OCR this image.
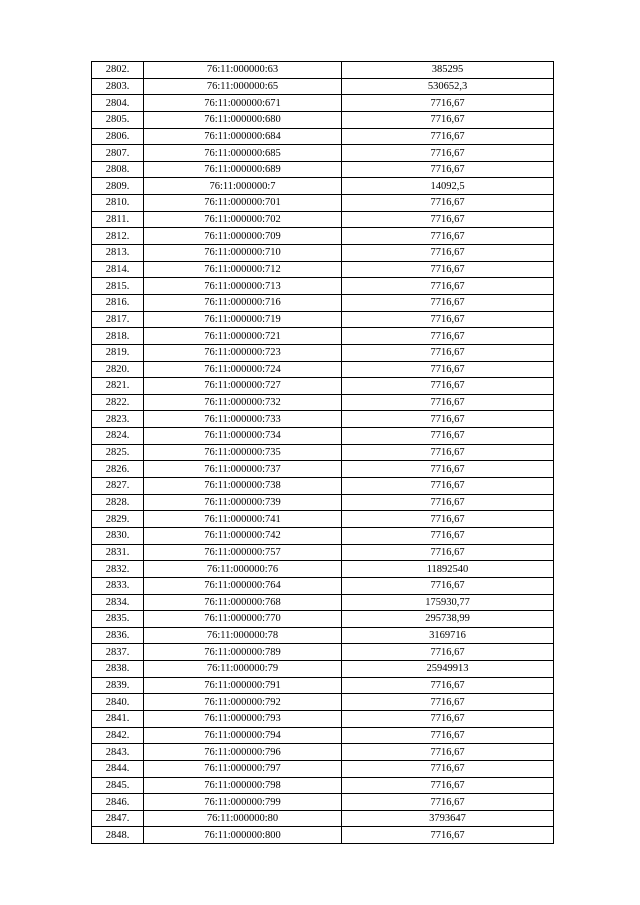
2802.	76:11:000000:63	385295
2803.	76:11:000000:65	530652,3
2804.	76:11:000000:671	7716,67
2805.	76:11:000000:680	7716,67
2806.	76:11:000000:684	7716,67
2807.	76:11:000000:685	7716,67
2808.	76:11:000000:689	7716,67
2809.	76:11:000000:7	14092,5
2810.	76:11:000000:701	7716,67
2811.	76:11:000000:702	7716,67
2812.	76:11:000000:709	7716,67
2813.	76:11:000000:710	7716,67
2814.	76:11:000000:712	7716,67
2815.	76:11:000000:713	7716,67
2816.	76:11:000000:716	7716,67
2817.	76:11:000000:719	7716,67
2818.	76:11:000000:721	7716,67
2819.	76:11:000000:723	7716,67
2820.	76:11:000000:724	7716,67
2821.	76:11:000000:727	7716,67
2822.	76:11:000000:732	7716,67
2823.	76:11:000000:733	7716,67
2824.	76:11:000000:734	7716,67
2825.	76:11:000000:735	7716,67
2826.	76:11:000000:737	7716,67
2827.	76:11:000000:738	7716,67
2828.	76:11:000000:739	7716,67
2829.	76:11:000000:741	7716,67
2830.	76:11:000000:742	7716,67
2831.	76:11:000000:757	7716,67
2832.	76:11:000000:76	11892540
2833.	76:11:000000:764	7716,67
2834.	76:11:000000:768	175930,77
2835.	76:11:000000:770	295738,99
2836.	76:11:000000:78	3169716
2837.	76:11:000000:789	7716,67
2838.	76:11:000000:79	25949913
2839.	76:11:000000:791	7716,67
2840.	76:11:000000:792	7716,67
2841.	76:11:000000:793	7716,67
2842.	76:11:000000:794	7716,67
2843.	76:11:000000:796	7716,67
2844.	76:11:000000:797	7716,67
2845.	76:11:000000:798	7716,67
2846.	76:11:000000:799	7716,67
2847.	76:11:000000:80	3793647
2848.	76:11:000000:800	7716,67
